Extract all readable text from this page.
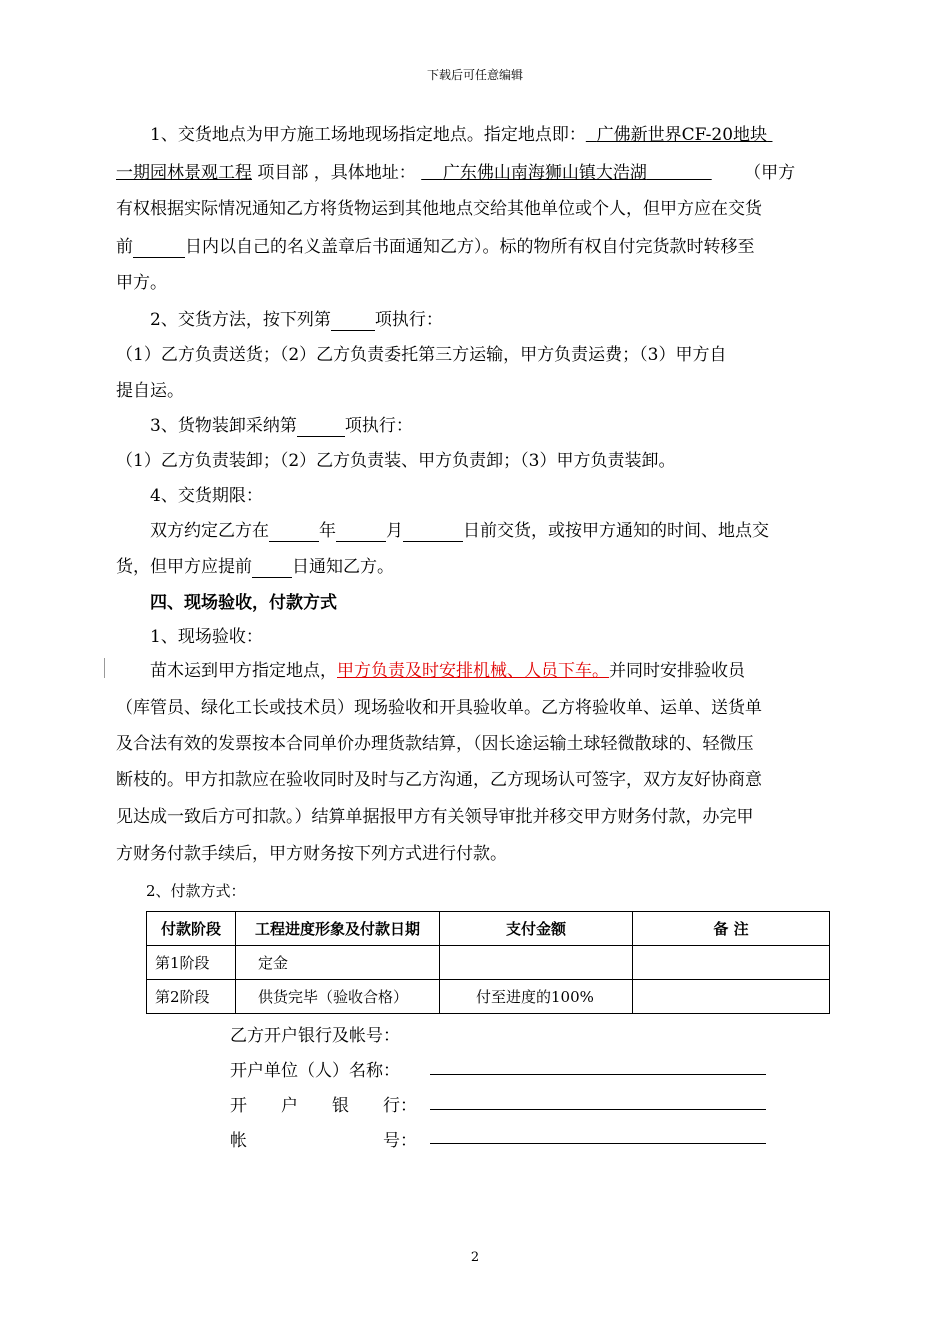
下载后可任意编辑
1、交货地点为甲方施工场地现场指定地点。指定地点即： 广佛新世界CF-20地块
一期园林景观工程 项目部 ，具体地址： 广东佛山南海狮山镇大浩湖	（甲方
有权根据实际情况通知乙方将货物运到其他地点交给其他单位或个人，但甲方应在交货
前	日内以自己的名义盖章后书面通知乙方）。标的物所有权自付完货款时转移至
甲方。
2、交货方法，按下列第	项执行：
（1）乙方负责送货；（2）乙方负责委托第三方运输，甲方负责运费；（3）甲方自
提自运。
3、货物装卸采纳第	项执行：
（1）乙方负责装卸；（2）乙方负责装、甲方负责卸；（3）甲方负责装卸。
4、交货期限：
双方约定乙方在	年	月	日前交货，或按甲方通知的时间、地点交
货，但甲方应提前 日通知乙方。
四、现场验收，付款方式
1、现场验收：
苗木运到甲方指定地点，甲方负责及时安排机械、人员下车。并同时安排验收员
（库管员、绿化工长或技术员）现场验收和开具验收单。乙方将验收单、运单、送货单
及合法有效的发票按本合同单价办理货款结算，（因长途运输土球轻微散球的、轻微压
断枝的。甲方扣款应在验收同时及时与乙方沟通，乙方现场认可签字，双方友好协商意
见达成一致后方可扣款。）结算单据报甲方有关领导审批并移交甲方财务付款，办完甲
方财务付款手续后，甲方财务按下列方式进行付款。
2、付款方式：
付款阶段	工程进度形象及付款日期	支付金额	备 注
第1阶段	定金		
第2阶段	供货完毕（验收合格）	付至进度的100%	
乙方开户银行及帐号：
开户单位（人）名称：
开　　户　　银　　行：
帐　　　　　　　　号：
2
